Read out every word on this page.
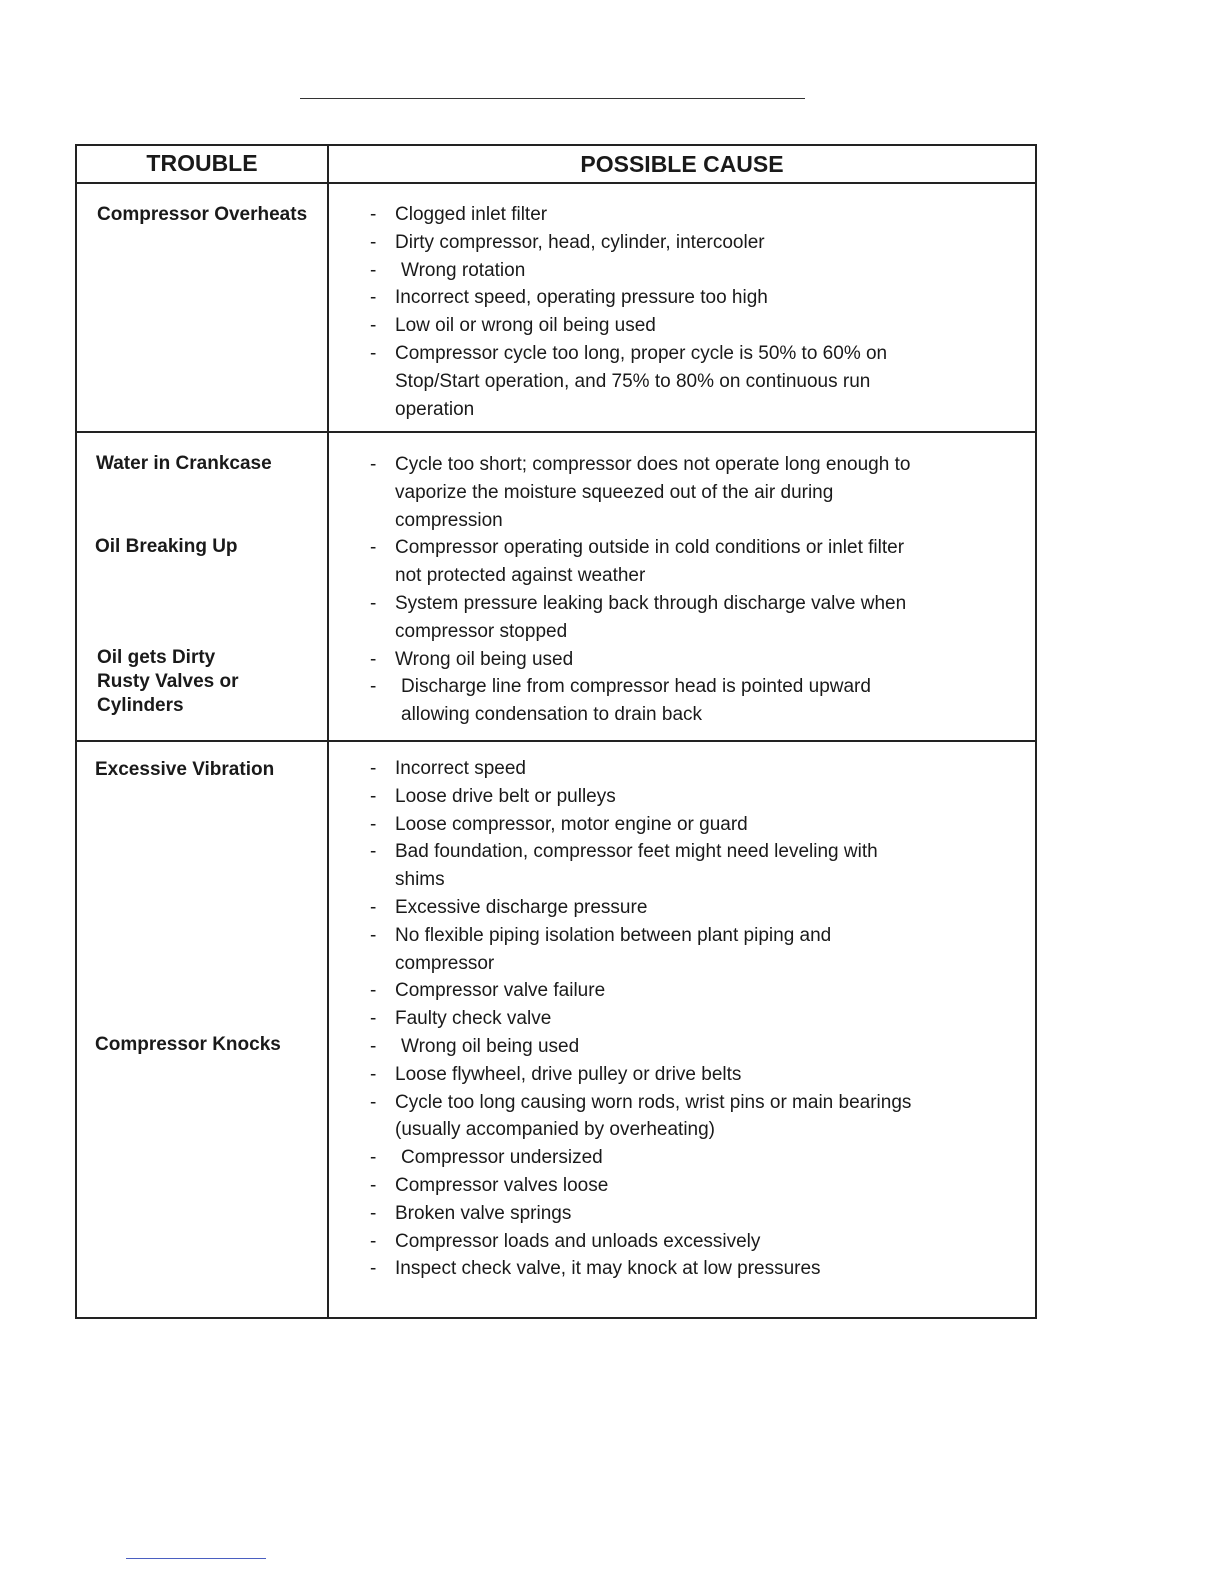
TROUBLE	POSSIBLE CAUSE
Compressor Overheats
-	Clogged inlet filter
- Dirty compressor, head, cylinder, intercooler
- Wrong rotation
- Incorrect speed, operating pressure too high
- Low oil or wrong oil being used
- Compressor cycle too long, proper cycle is 50% to 60% on Stop/Start operation, and 75% to 80% on continuous run operation
Water in Crankcase
Oil Breaking Up
Oil gets Dirty
Rusty Valves or
Cylinders
- Cycle too short; compressor does not operate long enough to vaporize the moisture squeezed out of the air during compression
- Compressor operating outside in cold conditions or inlet filter not protected against weather
- System pressure leaking back through discharge valve when compressor stopped
- Wrong oil being used
- Discharge line from compressor head is pointed upward allowing condensation to drain back
Excessive Vibration
Compressor Knocks
- Incorrect speed
- Loose drive belt or pulleys
- Loose compressor, motor engine or guard
- Bad foundation, compressor feet might need leveling with shims
- Excessive discharge pressure
- No flexible piping isolation between plant piping and compressor
- Compressor valve failure
- Faulty check valve
- Wrong oil being used
- Loose flywheel, drive pulley or drive belts
- Cycle too long causing worn rods, wrist pins or main bearings (usually accompanied by overheating)
- Compressor undersized
- Compressor valves loose
- Broken valve springs
- Compressor loads and unloads excessively
- Inspect check valve, it may knock at low pressures
